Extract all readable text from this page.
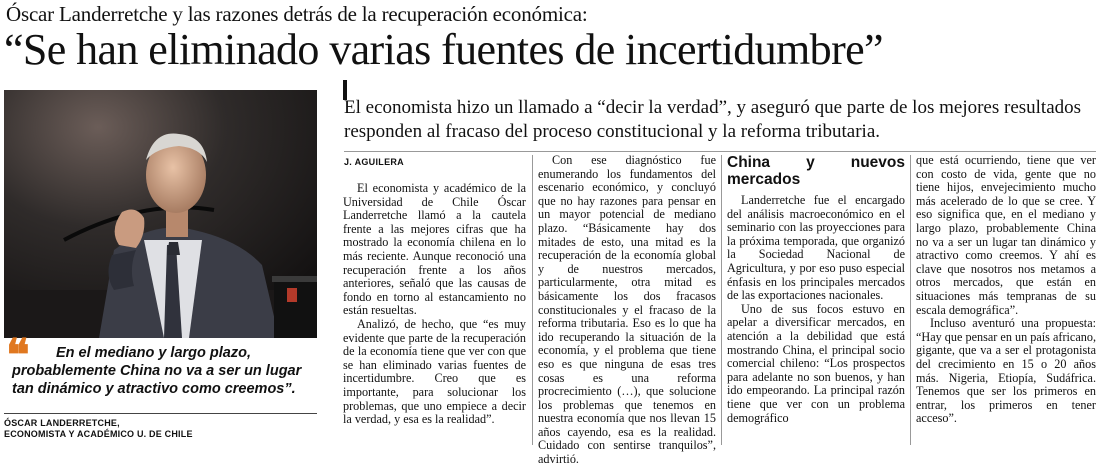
Óscar Landerretche y las razones detrás de la recuperación económica:
“Se han eliminado varias fuentes de incertidumbre”
El economista hizo un llamado a “decir la verdad”, y aseguró que parte de los mejores resultados responden al fracaso del proceso constitucional y la reforma tributaria.
J. AGUILERA

El economista y académico de la Universidad de Chile Óscar Landerretche llamó a la cautela frente a las mejores cifras que ha mostrado la economía chilena en lo más reciente. Aunque reconoció una recuperación frente a los años anteriores, señaló que las causas de fondo en torno al estancamiento no están resueltas.

Analizó, de hecho, que “es muy evidente que parte de la recuperación de la economía tiene que ver con que se han eliminado varias fuentes de incertidumbre. Creo que es importante, para solucionar los problemas, que uno empiece a decir la verdad, y esa es la realidad”.

Con ese diagnóstico fue enumerando los fundamentos del escenario económico, y concluyó que no hay razones para pensar en un mayor potencial de mediano plazo. “Básicamente hay dos mitades de esto, una mitad es la recuperación de la economía global y de nuestros mercados, particularmente, otra mitad es básicamente los dos fracasos constitucionales y el fracaso de la reforma tributaria. Eso es lo que ha ido recuperando la situación de la economía, y el problema que tiene eso es que ninguna de esas tres cosas es una reforma procrecimiento (…), que solucione los problemas que tenemos en nuestra economía que nos llevan 15 años cayendo, esa es la realidad. Cuidado con sentirse tranquilos”, advirtió.

China y nuevos mercados

Landerretche fue el encargado del análisis macroeconómico en el seminario con las proyecciones para la próxima temporada, que organizó la Sociedad Nacional de Agricultura, y por eso puso especial énfasis en los principales mercados de las exportaciones nacionales.

Uno de sus focos estuvo en apelar a diversificar mercados, en atención a la debilidad que está mostrando China, el principal socio comercial chileno: “Los prospectos para adelante no son buenos, y han ido empeorando. La principal razón tiene que ver con un problema demográfico

que está ocurriendo, tiene que ver con costo de vida, gente que no tiene hijos, envejecimiento mucho más acelerado de lo que se cree. Y eso significa que, en el mediano y largo plazo, probablemente China no va a ser un lugar tan dinámico y atractivo como creemos. Y ahí es clave que nosotros nos metamos a otros mercados, que están en situaciones más tempranas de su escala demográfica”.

Incluso aventuró una propuesta: “Hay que pensar en un país africano, gigante, que va a ser el protagonista del crecimiento en 15 o 20 años más. Nigeria, Etiopía, Sudáfrica. Tenemos que ser los primeros en entrar, los primeros en tener acceso”.

❝	En el mediano y largo plazo, probablemente China no va a ser un lugar tan dinámico y atractivo como creemos”.
ÓSCAR LANDERRETCHE,
ECONOMISTA Y ACADÉMICO U. DE CHILE
